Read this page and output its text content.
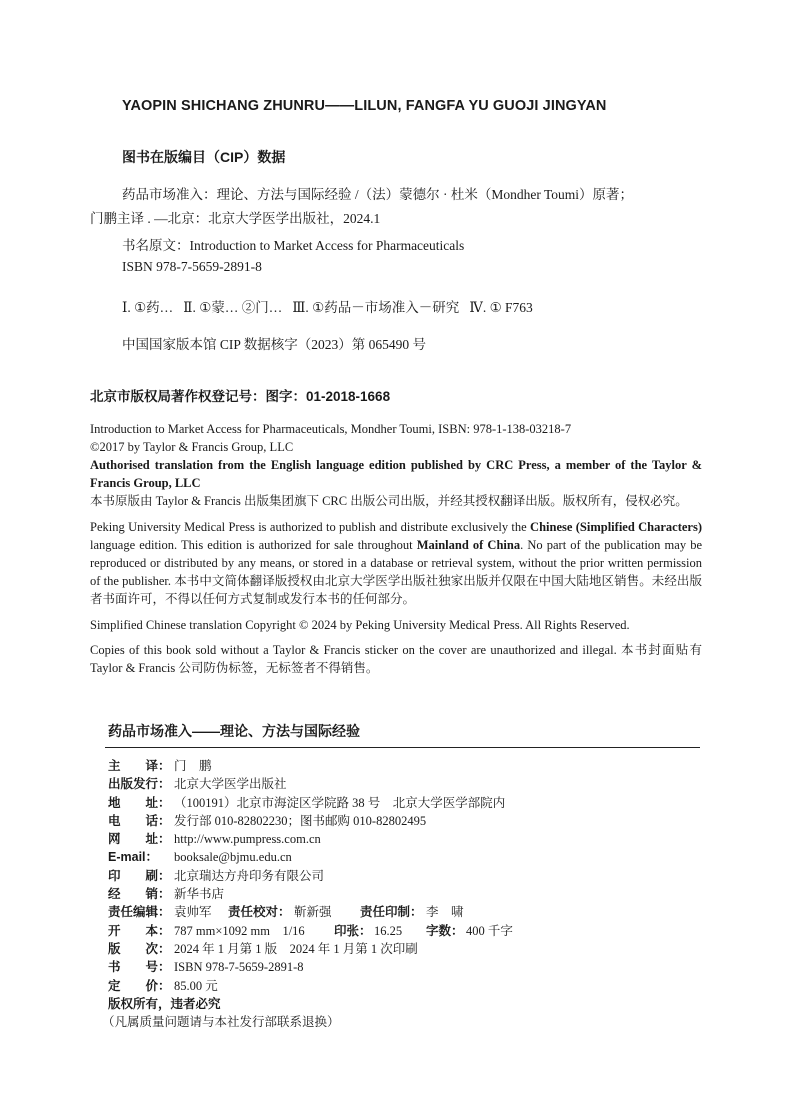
YAOPIN SHICHANG ZHUNRU——LILUN, FANGFA YU GUOJI JINGYAN
图书在版编目（CIP）数据
药品市场准入：理论、方法与国际经验 /（法）蒙德尔 · 杜米（Mondher Toumi）原著；
门鹏主译 . —北京：北京大学医学出版社，2024.1
书名原文：Introduction to Market Access for Pharmaceuticals
ISBN 978-7-5659-2891-8
Ⅰ. ①药…   Ⅱ. ①蒙… ②门…   Ⅲ. ①药品－市场准入－研究   Ⅳ. ① F763
中国国家版本馆 CIP 数据核字（2023）第 065490 号
北京市版权局著作权登记号：图字：01-2018-1668
Introduction to Market Access for Pharmaceuticals, Mondher Toumi, ISBN: 978-1-138-03218-7
©2017 by Taylor & Francis Group, LLC
Authorised translation from the English language edition published by CRC Press, a member of the Taylor & Francis Group, LLC
本书原版由 Taylor & Francis 出版集团旗下 CRC 出版公司出版，并经其授权翻译出版。版权所有，侵权必究。
Peking University Medical Press is authorized to publish and distribute exclusively the Chinese (Simplified Characters) language edition. This edition is authorized for sale throughout Mainland of China. No part of the publication may be reproduced or distributed by any means, or stored in a database or retrieval system, without the prior written permission of the publisher. 本书中文简体翻译版授权由北京大学医学出版社独家出版并仅限在中国大陆地区销售。未经出版者书面许可，不得以任何方式复制或发行本书的任何部分。
Simplified Chinese translation Copyright © 2024 by Peking University Medical Press. All Rights Reserved.
Copies of this book sold without a Taylor & Francis sticker on the cover are unauthorized and illegal. 本书封面贴有 Taylor & Francis 公司防伪标签，无标签者不得销售。
药品市场准入——理论、方法与国际经验
主　　译： 门　鹏
出版发行： 北京大学医学出版社
地　　址： （100191）北京市海淀区学院路 38 号　北京大学医学部院内
电　　话： 发行部 010-82802230；图书邮购 010-82802495
网　　址： http://www.pumpress.com.cn
E-mail：	booksale@bjmu.edu.cn
印　　刷： 北京瑞达方舟印务有限公司
经　　销： 新华书店
责任编辑： 袁帅军	责任校对： 靳新强	责任印制： 李　啸
开　　本： 787 mm×1092 mm　1/16	印张： 16.25	字数： 400 千字
版　　次： 2024 年 1 月第 1 版　2024 年 1 月第 1 次印刷
书　　号： ISBN 978-7-5659-2891-8
定　　价： 85.00 元
版权所有，违者必究
（凡属质量问题请与本社发行部联系退换）
